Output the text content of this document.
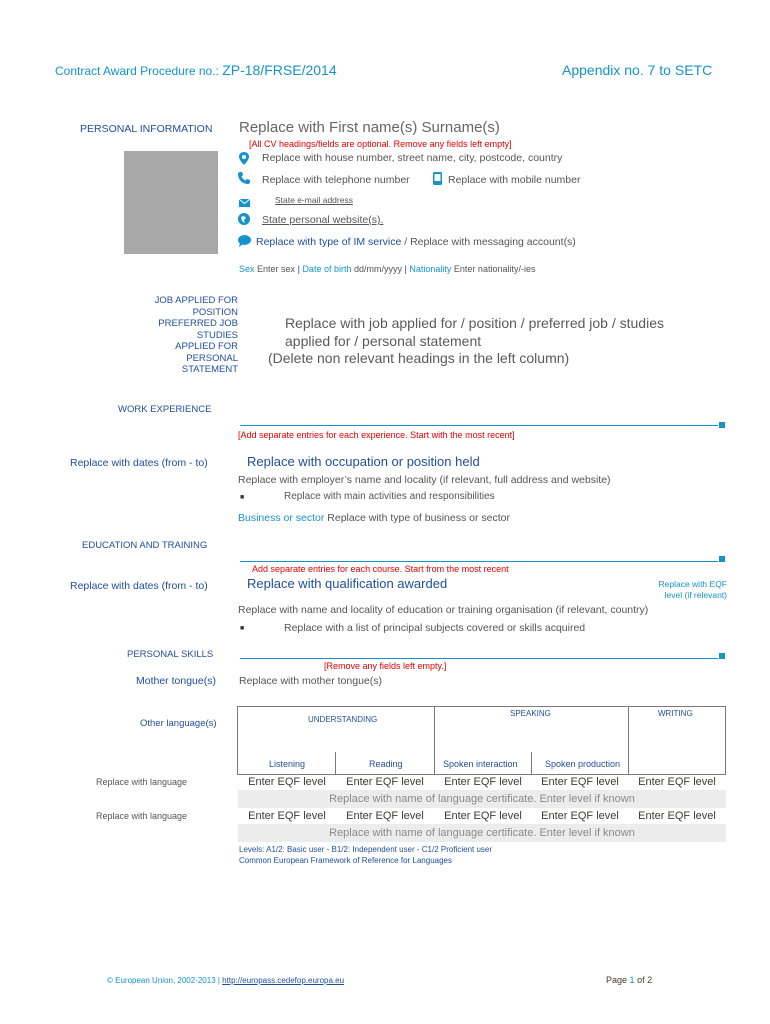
Contract Award Procedure no.: ZP-18/FRSE/2014	Appendix no. 7 to SETC
PERSONAL INFORMATION Replace with First name(s) Surname(s)
[All CV headings/fields are optional. Remove any fields left empty]
Replace with house number, street name, city, postcode, country
Replace with telephone number	Replace with mobile number
State e-mail address
State personal website(s).
Replace with type of IM service / Replace with messaging account(s)
Sex Enter sex | Date of birth dd/mm/yyyy | Nationality Enter nationality/-ies
JOB APPLIED FOR
POSITION
PREFERRED JOB
STUDIES
APPLIED FOR
PERSONAL
STATEMENT
Replace with job applied for / position / preferred job / studies
applied for / personal statement
(Delete non relevant headings in the left column)
WORK EXPERIENCE
[Add separate entries for each experience. Start with the most recent]
Replace with dates (from - to)	Replace with occupation or position held
Replace with employer’s name and locality (if relevant, full address and website)
■	Replace with main activities and responsibilities
Business or sector Replace with type of business or sector
EDUCATION AND TRAINING
Add separate entries for each course. Start from the most recent
Replace with dates (from - to)	Replace with qualification awarded	Replace with EQF
level (if relevant)
Replace with name and locality of education or training organisation (if relevant, country)
■	Replace with a list of principal subjects covered or skills acquired
PERSONAL SKILLS
[Remove any fields left empty.]
Mother tongue(s) Replace with mother tongue(s)
Other language(s)	UNDERSTANDING
SPEAKING	WRITING
Listening	Reading	Spoken interaction	Spoken production
Replace with language	Enter EQF level	Enter EQF level	Enter EQF level	Enter EQF level	Enter EQF level
Replace with name of language certificate. Enter level if known
Replace with language	Enter EQF level	Enter EQF level	Enter EQF level	Enter EQF level	Enter EQF level
Replace with name of language certificate. Enter level if known
Levels: A1/2: Basic user - B1/2: Independent user - C1/2 Proficient user
Common European Framework of Reference for Languages
© European Union, 2002-2013 | http://europass.cedefop.europa.eu	Page 1 of 2
